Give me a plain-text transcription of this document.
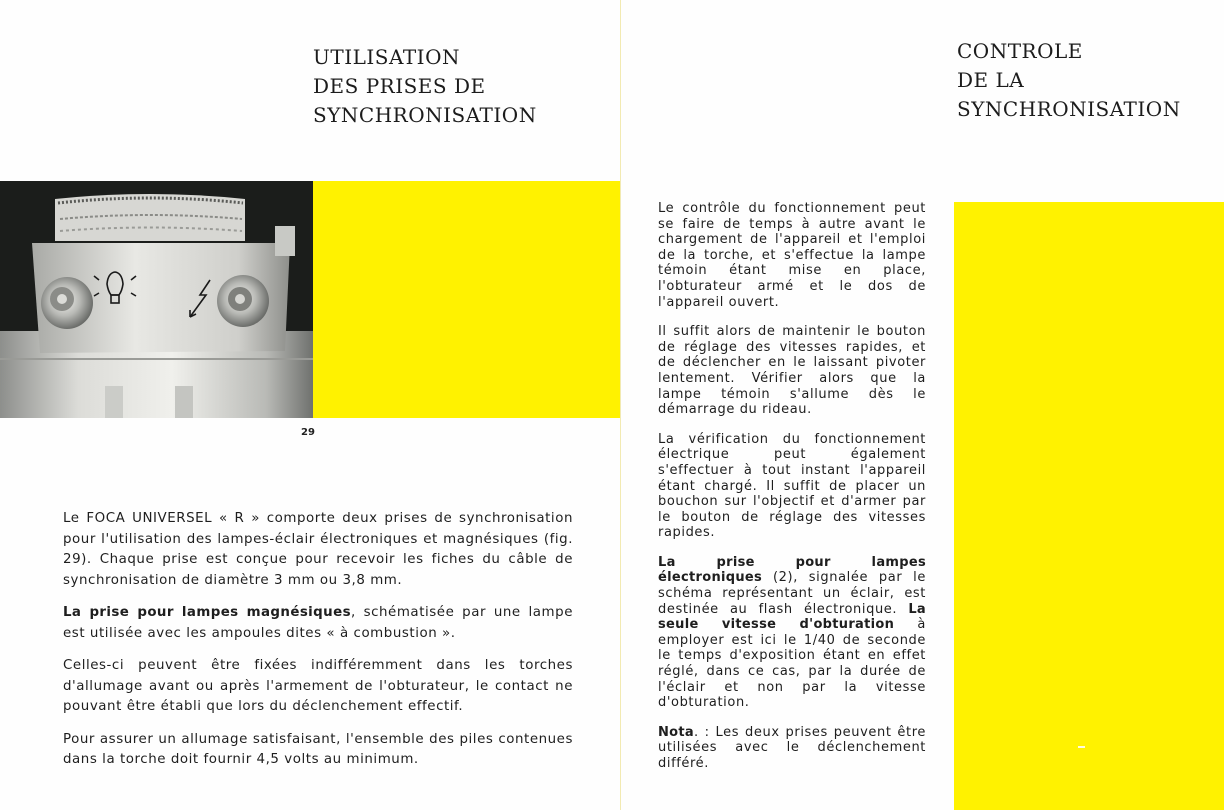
UTILISATION
DES PRISES DE
SYNCHRONISATION
29

Le FOCA UNIVERSEL « R » comporte deux prises de synchronisation pour l'utilisation des lampes-éclair électroniques et magnésiques (fig. 29). Chaque prise est conçue pour recevoir les fiches du câble de synchronisation de diamètre 3 mm ou 3,8 mm.

La prise pour lampes magnésiques, schématisée par une lampe est utilisée avec les ampoules dites « à combustion ».

Celles-ci peuvent être fixées indifféremment dans les torches d'allumage avant ou après l'armement de l'obturateur, le contact ne pouvant être établi que lors du déclenchement effectif.

Pour assurer un allumage satisfaisant, l'ensemble des piles contenues dans la torche doit fournir 4,5 volts au minimum.

CONTROLE
DE LA
SYNCHRONISATION

Le contrôle du fonctionnement peut se faire de temps à autre avant le chargement de l'appareil et l'emploi de la torche, et s'effectue la lampe témoin étant mise en place, l'obturateur armé et le dos de l'appareil ouvert.

Il suffit alors de maintenir le bouton de réglage des vitesses rapides, et de déclencher en le laissant pivoter lentement. Vérifier alors que la lampe témoin s'allume dès le démarrage du rideau.

La vérification du fonctionnement électrique peut également s'effectuer à tout instant l'appareil étant chargé. Il suffit de placer un bouchon sur l'objectif et d'armer par le bouton de réglage des vitesses rapides.

La prise pour lampes électroniques (2), signalée par le schéma représentant un éclair, est destinée au flash électronique. La seule vitesse d'obturation à employer est ici le 1/40 de seconde le temps d'exposition étant en effet réglé, dans ce cas, par la durée de l'éclair et non par la vitesse d'obturation.

Nota. : Les deux prises peuvent être utilisées avec le déclenchement différé.
